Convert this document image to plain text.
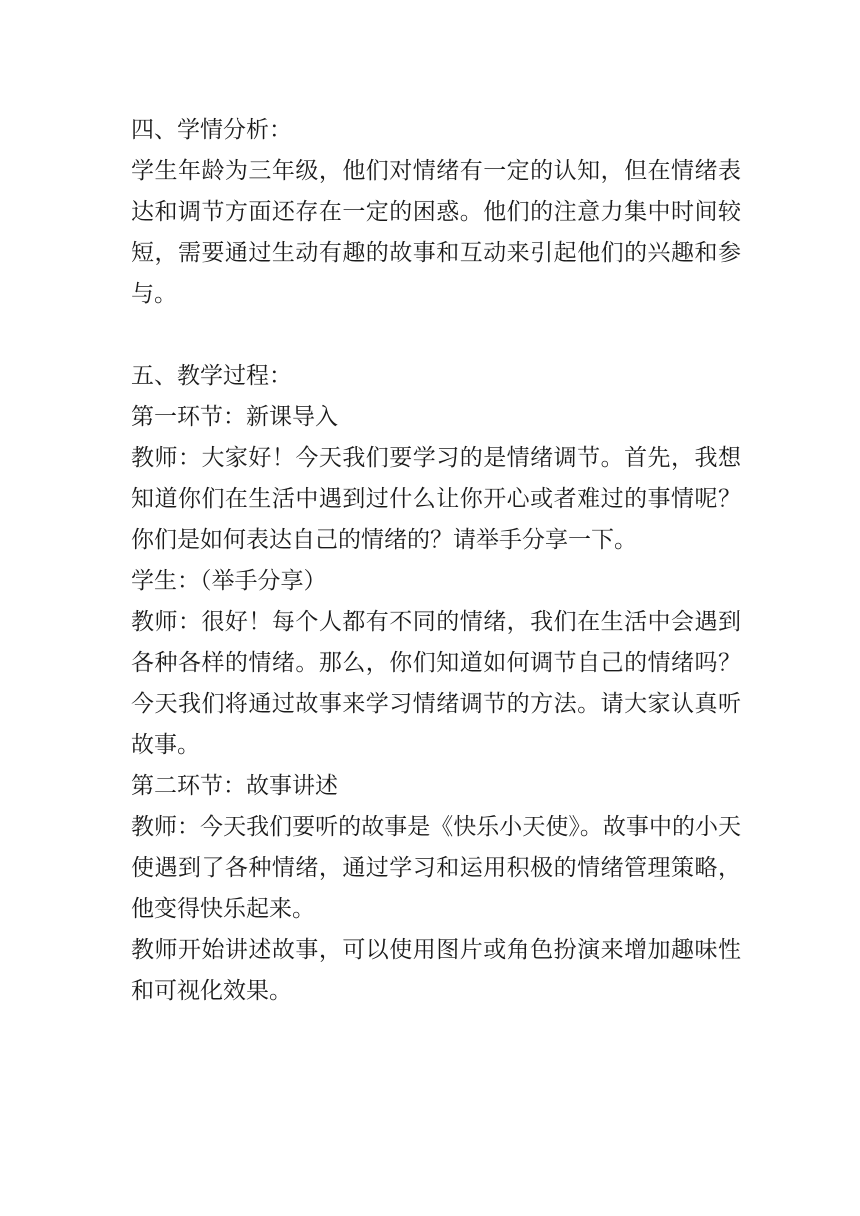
四、学情分析：

学生年龄为三年级，他们对情绪有一定的认知，但在情绪表达和调节方面还存在一定的困惑。他们的注意力集中时间较短，需要通过生动有趣的故事和互动来引起他们的兴趣和参与。

五、教学过程：

第一环节：新课导入

教师：大家好！今天我们要学习的是情绪调节。首先，我想知道你们在生活中遇到过什么让你开心或者难过的事情呢？你们是如何表达自己的情绪的？请举手分享一下。

学生：（举手分享）

教师：很好！每个人都有不同的情绪，我们在生活中会遇到各种各样的情绪。那么，你们知道如何调节自己的情绪吗？今天我们将通过故事来学习情绪调节的方法。请大家认真听故事。

第二环节：故事讲述

教师：今天我们要听的故事是《快乐小天使》。故事中的小天使遇到了各种情绪，通过学习和运用积极的情绪管理策略，他变得快乐起来。

教师开始讲述故事，可以使用图片或角色扮演来增加趣味性和可视化效果。
